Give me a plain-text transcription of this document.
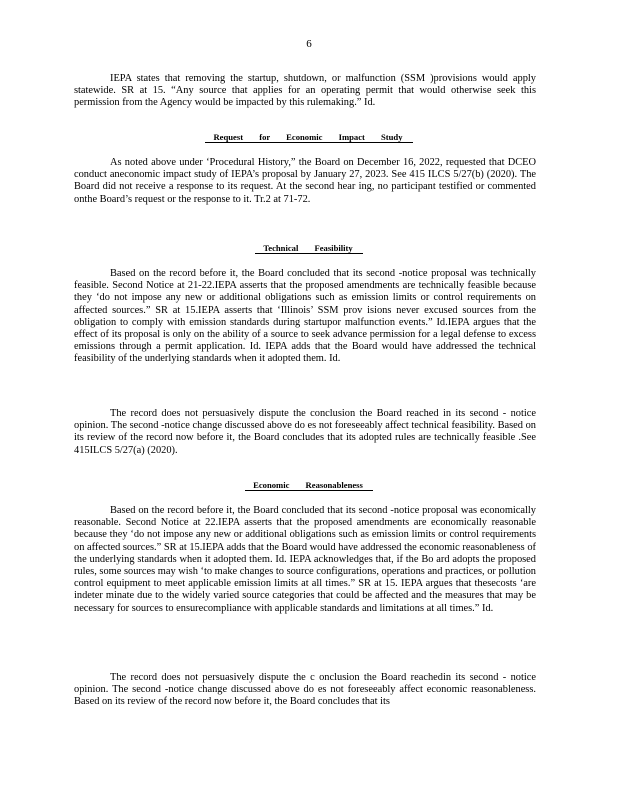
6

IEPA states that removing the startup, shutdown, or malfunction (SSM )provisions would apply statewide. SR at 15. “Any source that applies for an operating permit that would otherwise seek this permission from the Agency would be impacted by this rulemaking.” Id.

Request for Economic Impact Study

As noted above under ‘Procedural History,” the Board on December 16, 2022, requested that DCEO conduct aneconomic impact study of IEPA’s proposal by January 27, 2023. See 415 ILCS 5/27(b) (2020). The Board did not receive a response to its request. At the second hear ing, no participant testified or commented onthe Board’s request or the response to it. Tr.2 at 71-72.

Technical Feasibility

Based on the record before it, the Board concluded that its second -notice proposal was technically feasible. Second Notice at 21-22.IEPA asserts that the proposed amendments are technically feasible because they ‘do not impose any new or additional obligations such as emission limits or control requirements on affected sources.” SR at 15.IEPA asserts that ‘Illinois’ SSM prov isions never excused sources from the obligation to comply with emission standards during startupor malfunction events.” Id.IEPA argues that the effect of its proposal is only on the ability of a source to seek advance permission for a legal defense to excess emissions through a permit application. Id. IEPA adds that the Board would have addressed the technical feasibility of the underlying standards when it adopted them. Id.

The record does not persuasively dispute the conclusion the Board reached in its second - notice opinion. The second -notice change discussed above do es not foreseeably affect technical feasibility. Based on its review of the record now before it, the Board concludes that its adopted rules are technically feasible .See 415ILCS 5/27(a) (2020).

Economic Reasonableness

Based on the record before it, the Board concluded that its second -notice proposal was economically reasonable. Second Notice at 22.IEPA asserts that the proposed amendments are economically reasonable because they ‘do not impose any new or additional obligations such as emission limits or control requirements on affected sources.” SR at 15.IEPA adds that the Board would have addressed the economic reasonableness of the underlying standards when it adopted them. Id. IEPA acknowledges that, if the Bo ard adopts the proposed rules, some sources may wish ‘to make changes to source configurations, operations and practices, or pollution control equipment to meet applicable emission limits at all times.” SR at 15. IEPA argues that thesecosts ‘are indeter minate due to the widely varied source categories that could be affected and the measures that may be necessary for sources to ensurecompliance with applicable standards and limitations at all times.” Id.

The record does not persuasively dispute the c onclusion the Board reachedin its second - notice opinion. The second -notice change discussed above do es not foreseeably affect economic reasonableness. Based on its review of the record now before it, the Board concludes that its
